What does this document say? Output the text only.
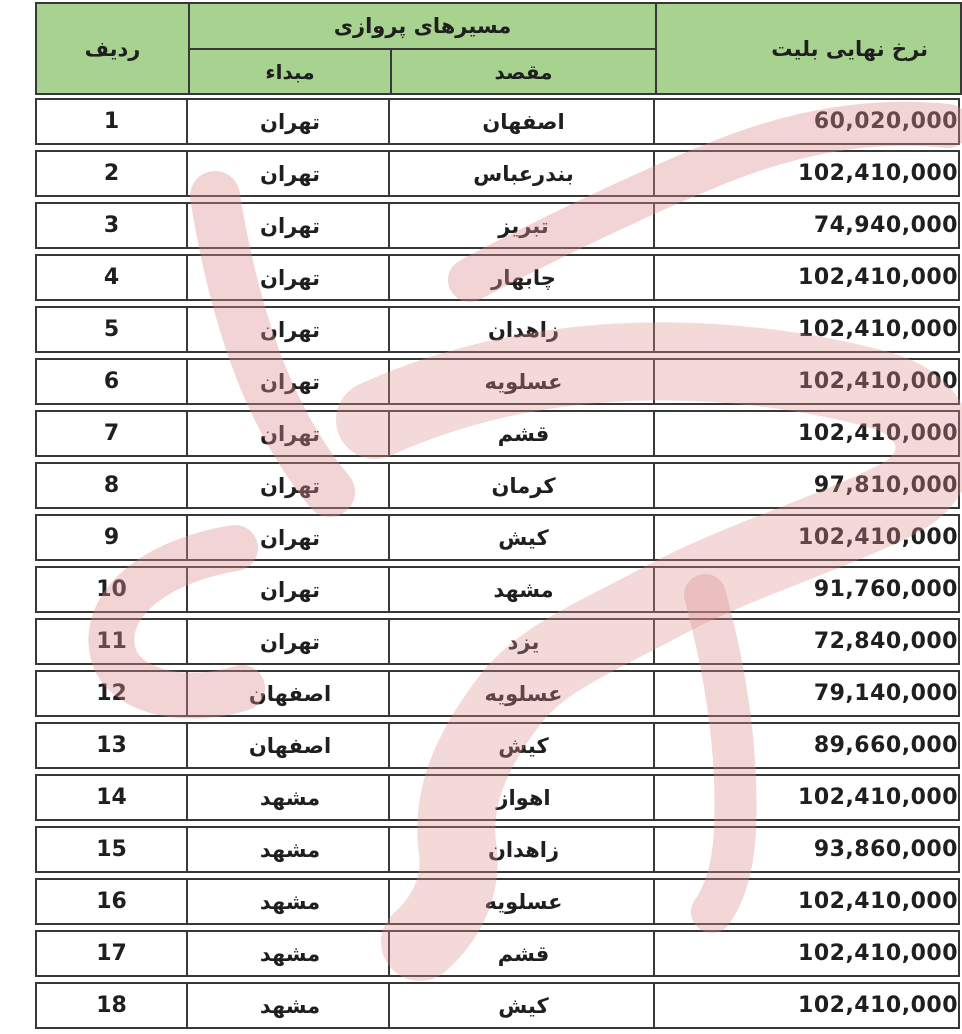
ردیف	مسیرهای پروازی		نرخ نهایی بلیت
	مبداء	مقصد	
1	تهران	اصفهان	60,020,000
2	تهران	بندرعباس	102,410,000
3	تهران	تبریز	74,940,000
4	تهران	چابهار	102,410,000
5	تهران	زاهدان	102,410,000
6	تهران	عسلویه	102,410,000
7	تهران	قشم	102,410,000
8	تهران	کرمان	97,810,000
9	تهران	کیش	102,410,000
10	تهران	مشهد	91,760,000
11	تهران	یزد	72,840,000
12	اصفهان	عسلویه	79,140,000
13	اصفهان	کیش	89,660,000
14	مشهد	اهواز	102,410,000
15	مشهد	زاهدان	93,860,000
16	مشهد	عسلویه	102,410,000
17	مشهد	قشم	102,410,000
18	مشهد	کیش	102,410,000
